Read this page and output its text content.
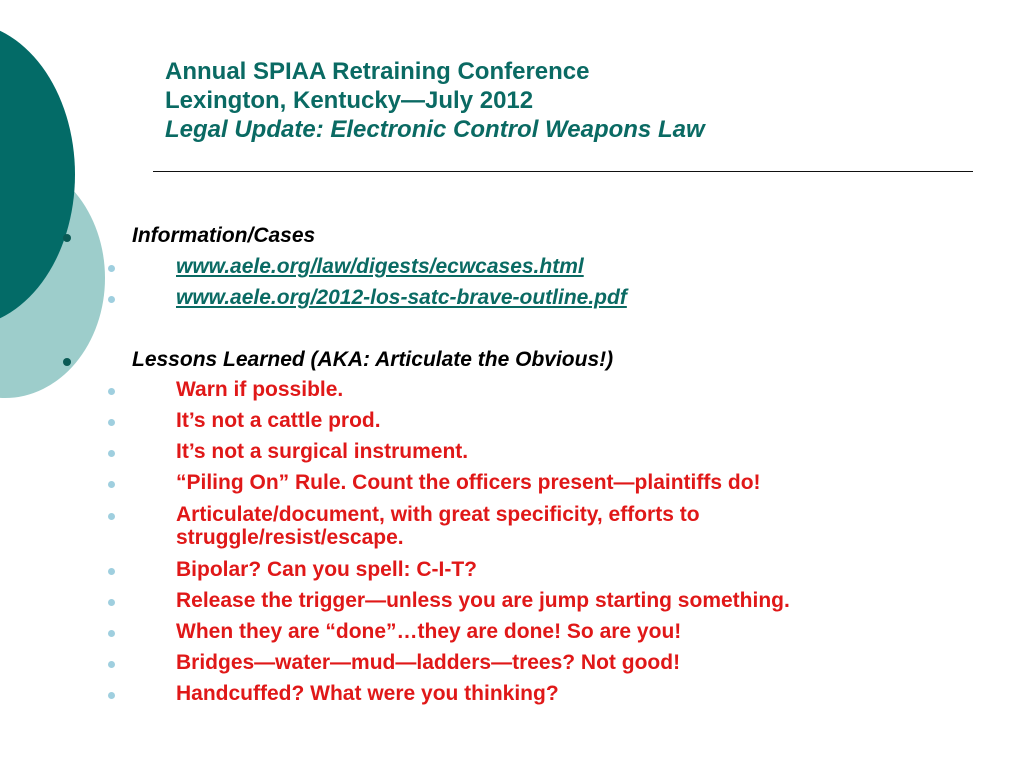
Annual SPIAA Retraining Conference
Lexington, Kentucky—July 2012
Legal Update: Electronic Control Weapons Law
Information/Cases
www.aele.org/law/digests/ecwcases.html
www.aele.org/2012-los-satc-brave-outline.pdf
Lessons Learned (AKA: Articulate the Obvious!)
Warn if possible.
It’s not a cattle prod.
It’s not a surgical instrument.
“Piling On” Rule. Count the officers present—plaintiffs do!
Articulate/document, with great specificity, efforts to
struggle/resist/escape.
Bipolar? Can you spell: C-I-T?
Release the trigger—unless you are jump starting something.
When they are “done”…they are done! So are you!
Bridges—water—mud—ladders—trees? Not good!
Handcuffed? What were you thinking?
